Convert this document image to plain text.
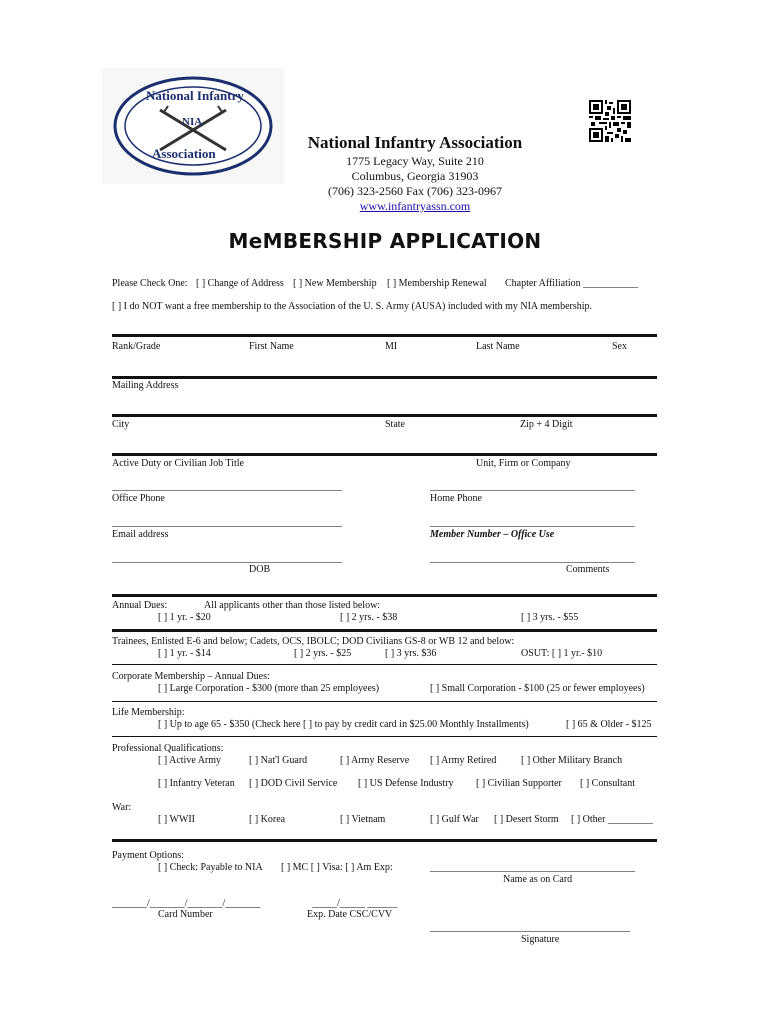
National Infantry
NIA
Association
National Infantry Association
1775 Legacy Way, Suite 210
Columbus, Georgia 31903
(706) 323-2560 Fax (706) 323-0967
www.infantryassn.com
MeMBERSHIP APPLICATION
Please Check One: [ ] Change of Address [ ] New Membership [ ] Membership Renewal Chapter Affiliation ___________
[ ] I do NOT want a free membership to the Association of the U. S. Army (AUSA) included with my NIA membership.
Rank/Grade	First Name	MI	Last Name	Sex
Mailing Address
City	State	Zip + 4 Digit
Active Duty or Civilian Job Title	Unit, Firm or Company
______________________________________________	_________________________________________
Office Phone	Home Phone
______________________________________________	_________________________________________
Email address	Member Number – Office Use
______________________________________________	_________________________________________
DOB	Comments
Annual Dues:	All applicants other than those listed below:
[ ] 1 yr. - $20	[ ] 2 yrs. - $38	[ ] 3 yrs. - $55
Trainees, Enlisted E-6 and below; Cadets, OCS, IBOLC; DOD Civilians GS-8 or WB 12 and below:
[ ] 1 yr. - $14	[ ] 2 yrs. - $25	[ ] 3 yrs. $36	OSUT: [ ] 1 yr.- $10
Corporate Membership – Annual Dues:
[ ] Large Corporation - $300 (more than 25 employees)	[ ] Small Corporation - $100 (25 or fewer employees)
Life Membership:
[ ] Up to age 65 - $350 (Check here [ ] to pay by credit card in $25.00 Monthly Installments)	[ ] 65 & Older - $125
Professional Qualifications:
[ ] Active Army	[ ] Nat'l Guard	[ ] Army Reserve [ ] Army Retired [ ] Other Military Branch
[ ] Infantry Veteran [ ] DOD Civil Service [ ] US Defense Industry [ ] Civilian Supporter [ ] Consultant
War:
[ ] WWII	[ ] Korea	[ ] Vietnam	[ ] Gulf War [ ] Desert Storm [ ] Other _________
Payment Options:
[ ] Check: Payable to NIA [ ] MC [ ] Visa: [ ] Am Exp:	_________________________________________
Name as on Card
_______/_______/_______/_______	_____/_____ ______
Card Number	Exp. Date CSC/CVV
________________________________________
Signature
